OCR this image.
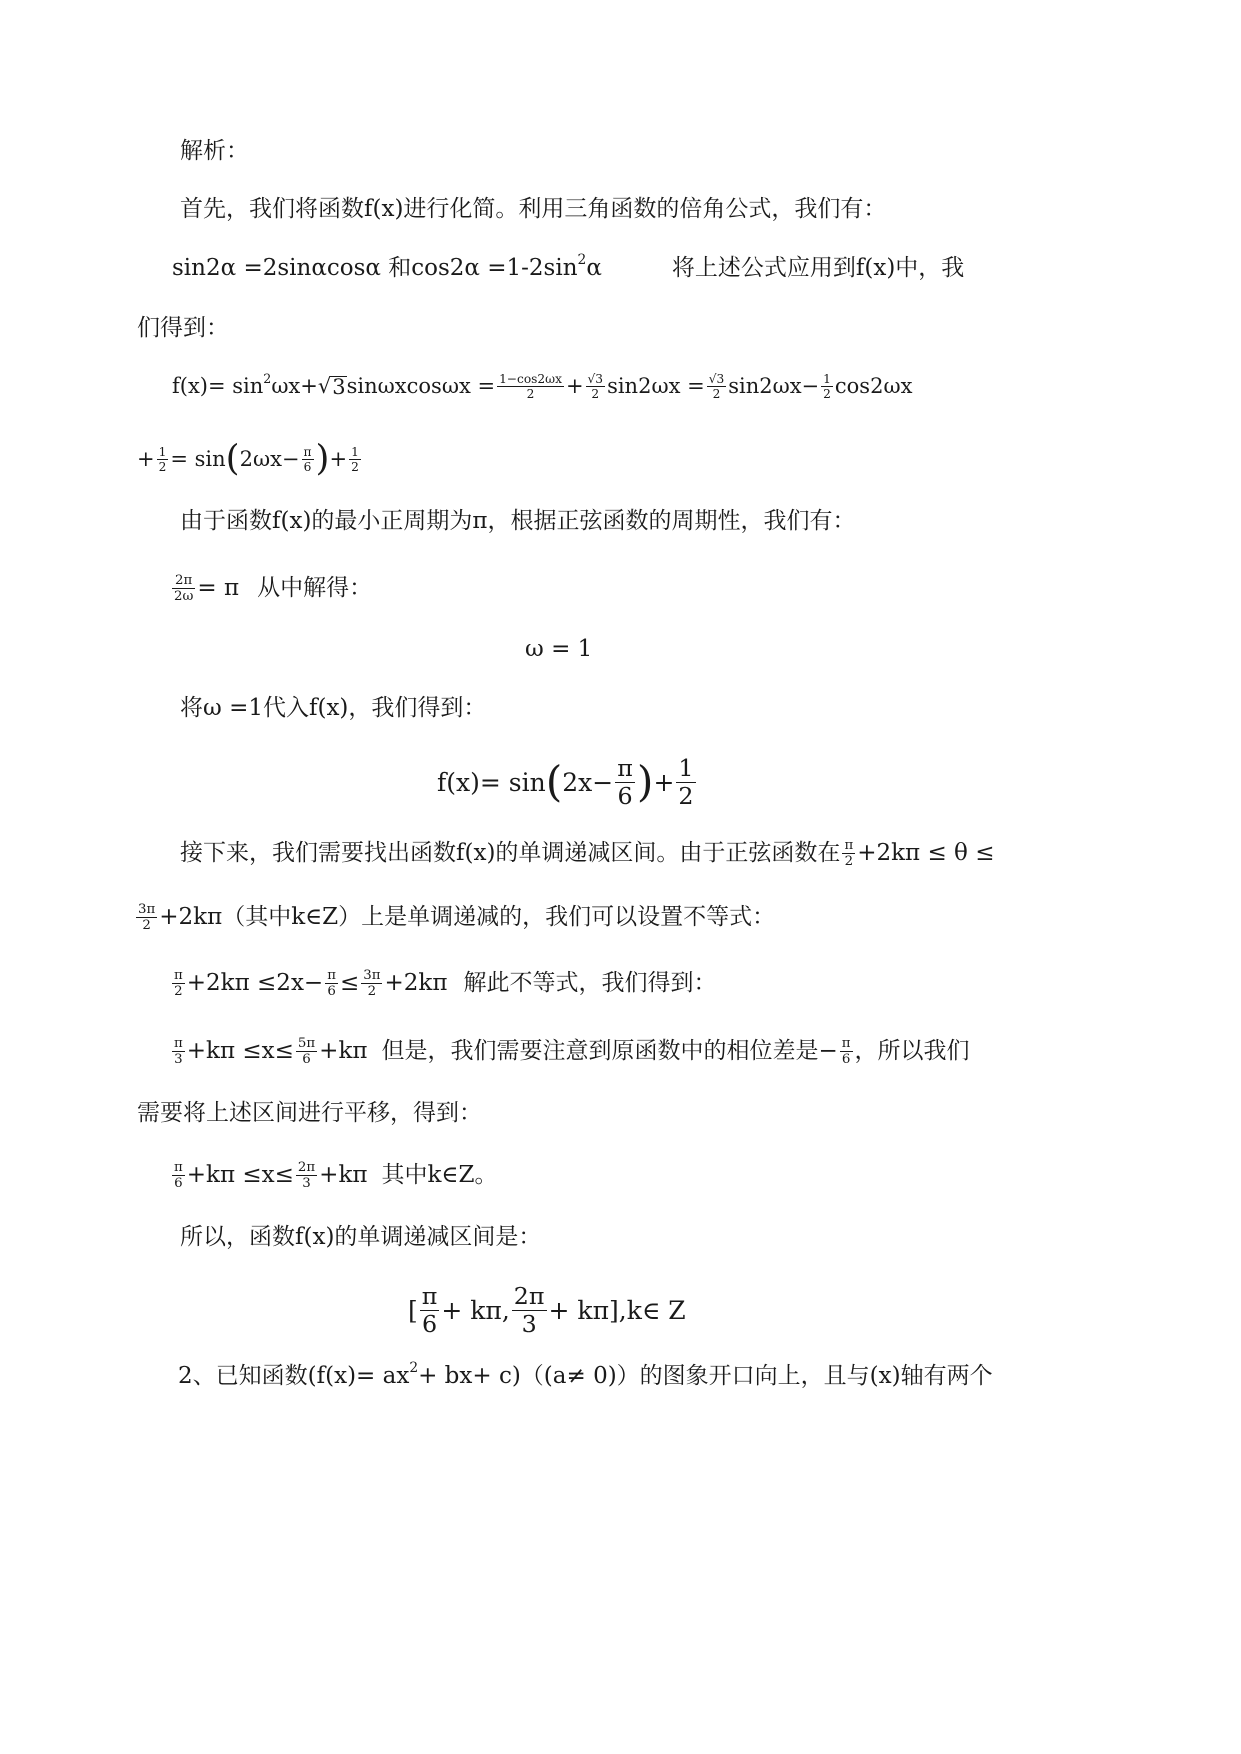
解析：
首先，我们将函数f(x)进行化简。利用三角函数的倍角公式，我们有：
sin2α =2sinαcosα 和cos2α =1-2sin 2 α	将上述公式应用到f(x)中，我
们得到：
f(x)= sin 2 ωx+ √ 3 $\sin\omega xcos\omega x = \frac{1-\cos 2\omega x}{2} + \frac{√3}{2} \sin 2\omega x = \frac{√3}{2} \sin 2\omega x- \frac{1}{2} \cos 2\omega x$
+ $\frac{1}{2} = \sin$ ( $2\omega x- \frac{\pi}{6}$ ) + $\frac{1}{2}$
由于函数f(x)的最小正周期为π，根据正弦函数的周期性，我们有：
$\frac{2\pi}{2\omega} = \pi$ 从中解得：
ω = 1
将ω =1代入f(x)，我们得到：
f(x)= sin ( $2x- \frac{\pi}{6}$ ) + $\frac{1}{2}$
接下来，我们需要找出函数f(x)的单调递减区间。由于正弦函数在 $\frac{\pi}{2} +2k\pi \le \theta$ ≤
$\frac{3\pi}{2} +2k\pi$（其中k∈Z）上是单调递减的，我们可以设置不等式：
$\frac{\pi}{2} +2k\pi \le 2x- \frac{\pi}{6} \le \frac{3\pi}{2} +2k\pi$ 解此不等式，我们得到：
$\frac{\pi}{3} +k\pi \le x\le \frac{5\pi}{6} +k\pi$ 但是，我们需要注意到原函数中的相位差是− $\frac{\pi}{6}$ ，所以我们
需要将上述区间进行平移，得到：
$\frac{\pi}{6} +k\pi \le x\le \frac{2\pi}{3} +k\pi$ 其中k∈Z。
所以，函数f(x)的单调递减区间是：
[ $\frac{\pi}{6} + k\pi$, $\frac{2\pi}{3}$ + kπ],k∈ Z
2、已知函数(f(x)= ax 2 + bx+ c)（(a≠ 0)）的图象开口向上，且与(x)轴有两个
